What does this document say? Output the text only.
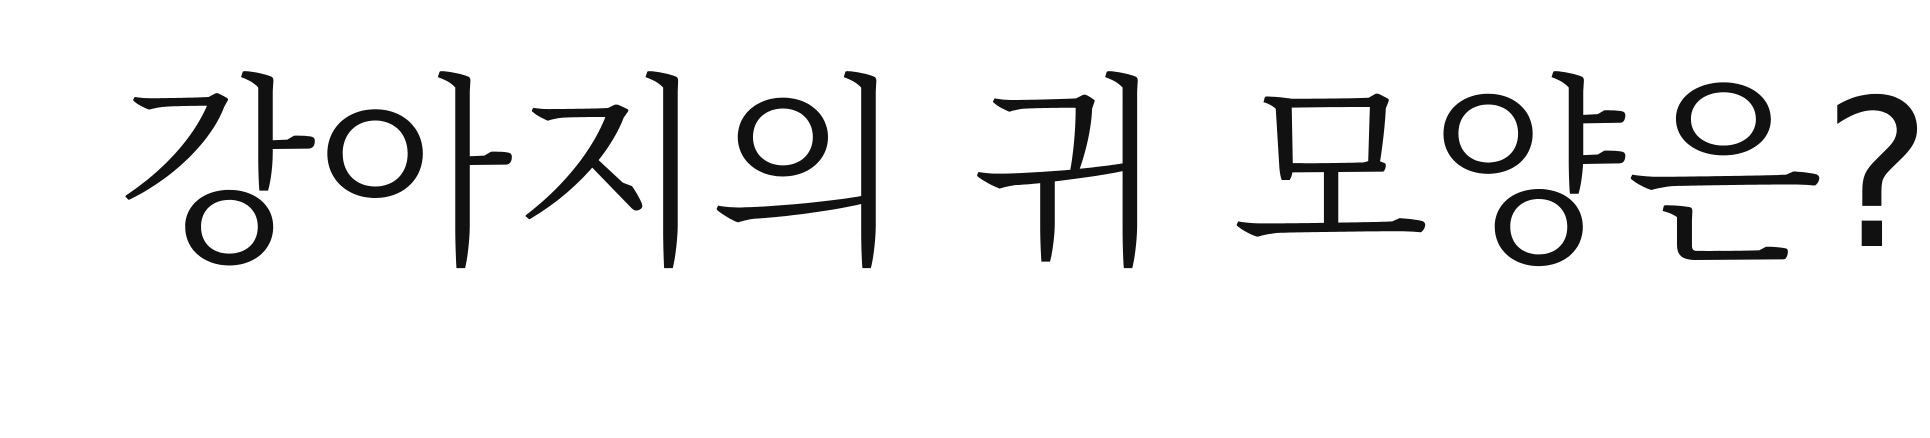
강아지의 귀 모양은?
